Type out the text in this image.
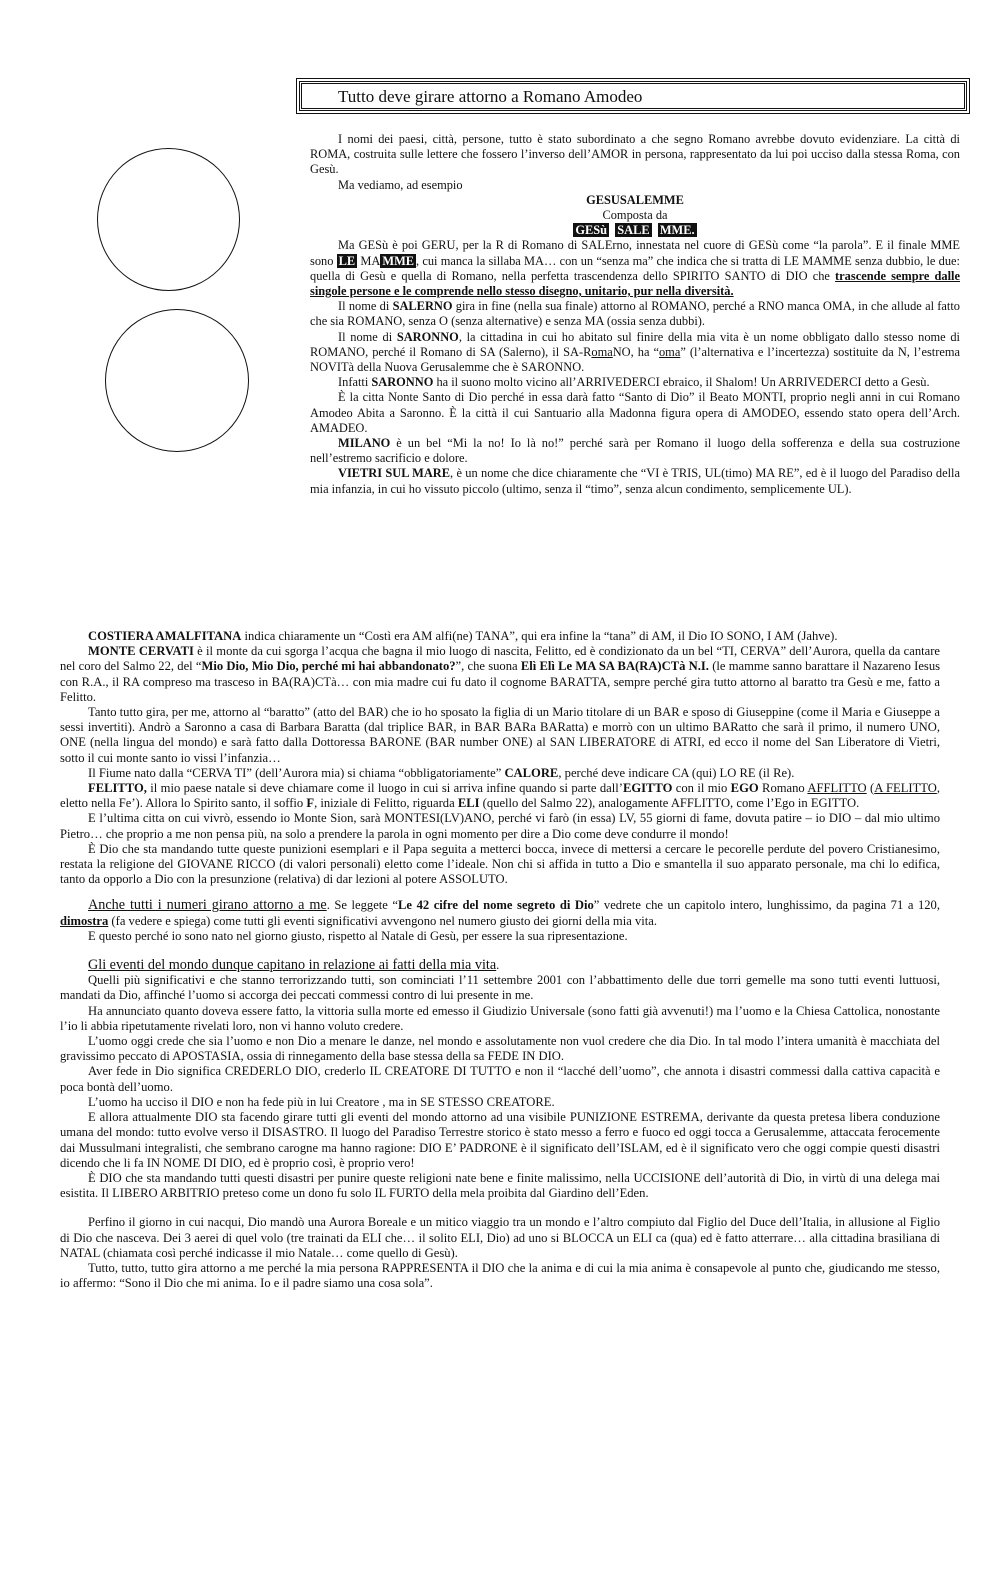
Tutto deve girare attorno a Romano Amodeo

I nomi dei paesi, città, persone, tutto è stato subordinato a che segno Romano avrebbe dovuto evidenziare. La città di ROMA, costruita sulle lettere che fossero l’inverso dell’AMOR in persona, rappresentato da lui poi ucciso dalla stessa Roma, con Gesù.

Ma vediamo, ad esempio

GESUSALEMME

Composta da

GESù SALE MME.

Ma GESù è poi GERU, per la R di Romano di SALErno, innestata nel cuore di GESù come “la parola”. E il finale MME sono LE MA MME , cui manca la sillaba MA… con un “senza ma” che indica che si tratta di LE MAMME senza dubbio, le due: quella di Gesù e quella di Romano, nella perfetta trascendenza dello SPIRITO SANTO di DIO che trascende sempre dalle singole persone e le comprende nello stesso disegno, unitario, pur nella diversità.

Il nome di SALERNO gira in fine (nella sua finale) attorno al ROMANO, perché a RNO manca OMA, in che allude al fatto che sia ROMANO, senza O (senza alternative) e senza MA (ossia senza dubbi).

Il nome di SARONNO, la cittadina in cui ho abitato sul finire della mia vita è un nome obbligato dallo stesso nome di ROMANO, perché il Romano di SA (Salerno), il SA-RomaNO, ha “oma” (l’alternativa e l’incertezza) sostituite da N, l’estrema NOVITà della Nuova Gerusalemme che è SARONNO.

Infatti SARONNO ha il suono molto vicino all’ARRIVEDERCI ebraico, il Shalom! Un ARRIVEDERCI detto a Gesù.

È la citta Nonte Santo di Dio perché in essa darà fatto “Santo di Dio” il Beato MONTI, proprio negli anni in cui Romano Amodeo Abita a Saronno. È la città il cui Santuario alla Madonna figura opera di AMODEO, essendo stato opera dell’Arch. AMADEO.

MILANO è un bel “Mi la no! Io là no!” perché sarà per Romano il luogo della sofferenza e della sua costruzione nell’estremo sacrificio e dolore.

VIETRI SUL MARE, è un nome che dice chiaramente che “VI è TRIS, UL(timo) MA RE”, ed è il luogo del Paradiso della mia infanzia, in cui ho vissuto piccolo (ultimo, senza il “timo”, senza alcun condimento, semplicemente UL).

COSTIERA AMALFITANA indica chiaramente un “Costì era AM alfi(ne) TANA”, qui era infine la “tana” di AM, il Dio IO SONO, I AM (Jahve).

MONTE CERVATI è il monte da cui sgorga l’acqua che bagna il mio luogo di nascita, Felitto, ed è condizionato da un bel “TI, CERVA” dell’Aurora, quella da cantare nel coro del Salmo 22, del “Mio Dio, Mio Dio, perché mi hai abbandonato?”, che suona Elì Elì Le MA SA BA(RA)CTà N.I. (le mamme sanno barattare il Nazareno Iesus con R.A., il RA compreso ma trasceso in BA(RA)CTà… con mia madre cui fu dato il cognome BARATTA, sempre perché gira tutto attorno al baratto tra Gesù e me, fatto a Felitto.

Tanto tutto gira, per me, attorno al “baratto” (atto del BAR) che io ho sposato la figlia di un Mario titolare di un BAR e sposo di Giuseppine (come il Maria e Giuseppe a sessi invertiti). Andrò a Saronno a casa di Barbara Baratta (dal triplice BAR, in BAR BARa BARatta) e morrò con un ultimo BARatto che sarà il primo, il numero UNO, ONE (nella lingua del mondo) e sarà fatto dalla Dottoressa BARONE (BAR number ONE) al SAN LIBERATORE di ATRI, ed ecco il nome del San Liberatore di Vietri, sotto il cui monte santo io vissi l’infanzia…

Il Fiume nato dalla “CERVA TI” (dell’Aurora mia) si chiama “obbligatoriamente” CALORE, perché deve indicare CA (qui) LO RE (il Re).

FELITTO, il mio paese natale si deve chiamare come il luogo in cui si arriva infine quando si parte dall’EGITTO con il mio EGO Romano AFFLITTO (A FELITTO, eletto nella Fe’). Allora lo Spirito santo, il soffio F, iniziale di Felitto, riguarda ELI (quello del Salmo 22), analogamente AFFLITTO, come l’Ego in EGITTO.

E l’ultima citta on cui vivrò, essendo io Monte Sion, sarà MONTESI(LV)ANO, perché vi farò (in essa) LV, 55 giorni di fame, dovuta patire – io DIO – dal mio ultimo Pietro… che proprio a me non pensa più, na solo a prendere la parola in ogni momento per dire a Dio come deve condurre il mondo!

È Dio che sta mandando tutte queste punizioni esemplari e il Papa seguita a metterci bocca, invece di mettersi a cercare le pecorelle perdute del povero Cristianesimo, restata la religione del GIOVANE RICCO (di valori personali) eletto come l’ideale. Non chi si affida in tutto a Dio e smantella il suo apparato personale, ma chi lo edifica, tanto da opporlo a Dio con la presunzione (relativa) di dar lezioni al potere ASSOLUTO.

Anche tutti i numeri girano attorno a me. Se leggete “Le 42 cifre del nome segreto di Dio” vedrete che un capitolo intero, lunghissimo, da pagina 71 a 120, dimostra (fa vedere e spiega) come tutti gli eventi significativi avvengono nel numero giusto dei giorni della mia vita.

E questo perché io sono nato nel giorno giusto, rispetto al Natale di Gesù, per essere la sua ripresentazione.

Gli eventi del mondo dunque capitano in relazione ai fatti della mia vita.

Quelli più significativi e che stanno terrorizzando tutti, son cominciati l’11 settembre 2001 con l’abbattimento delle due torri gemelle ma sono tutti eventi luttuosi, mandati da Dio, affinché l’uomo si accorga dei peccati commessi contro di lui presente in me.

Ha annunciato quanto doveva essere fatto, la vittoria sulla morte ed emesso il Giudizio Universale (sono fatti già avvenuti!) ma l’uomo e la Chiesa Cattolica, nonostante l’io li abbia ripetutamente rivelati loro, non vi hanno voluto credere.

L’uomo oggi crede che sia l’uomo e non Dio a menare le danze, nel mondo e assolutamente non vuol credere che dia Dio. In tal modo l’intera umanità è macchiata del gravissimo peccato di APOSTASIA, ossia di rinnegamento della base stessa della sa FEDE IN DIO.

Aver fede in Dio significa CREDERLO DIO, crederlo IL CREATORE DI TUTTO e non il “lacché dell’uomo”, che annota i disastri commessi dalla cattiva capacità e poca bontà dell’uomo.

L’uomo ha ucciso il DIO e non ha fede più in lui Creatore , ma in SE STESSO CREATORE.

E allora attualmente DIO sta facendo girare tutti gli eventi del mondo attorno ad una visibile PUNIZIONE ESTREMA, derivante da questa pretesa libera conduzione umana del mondo: tutto evolve verso il DISASTRO. Il luogo del Paradiso Terrestre storico è stato messo a ferro e fuoco ed oggi tocca a Gerusalemme, attaccata ferocemente dai Mussulmani integralisti, che sembrano carogne ma hanno ragione: DIO E’ PADRONE è il significato dell’ISLAM, ed è il significato vero che oggi compie questi disastri dicendo che li fa IN NOME DI DIO, ed è proprio così, è proprio vero!

È DIO che sta mandando tutti questi disastri per punire queste religioni nate bene e finite malissimo, nella UCCISIONE dell’autorità di Dio, in virtù di una delega mai esistita. Il LIBERO ARBITRIO preteso come un dono fu solo IL FURTO della mela proibita dal Giardino dell’Eden.

Perfino il giorno in cui nacqui, Dio mandò una Aurora Boreale e un mitico viaggio tra un mondo e l’altro compiuto dal Figlio del Duce dell’Italia, in allusione al Figlio di Dio che nasceva. Dei 3 aerei di quel volo (tre trainati da ELI che… il solito ELI, Dio) ad uno si BLOCCA un ELI ca (qua) ed è fatto atterrare… alla cittadina brasiliana di NATAL (chiamata così perché indicasse il mio Natale… come quello di Gesù).

Tutto, tutto, tutto gira attorno a me perché la mia persona RAPPRESENTA il DIO che la anima e di cui la mia anima è consapevole al punto che, giudicando me stesso, io affermo: “Sono il Dio che mi anima. Io e il padre siamo una cosa sola”.
